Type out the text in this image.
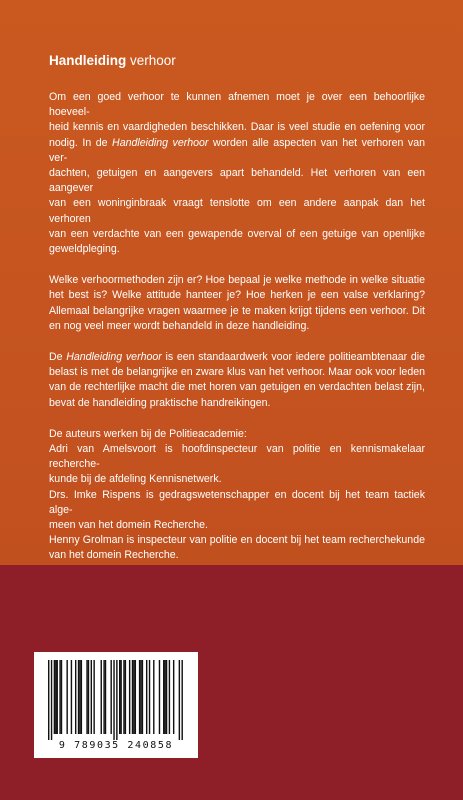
Handleiding verhoor
Om een goed verhoor te kunnen afnemen moet je over een behoorlijke hoeveel-
heid kennis en vaardigheden beschikken. Daar is veel studie en oefening voor
nodig. In de Handleiding verhoor worden alle aspecten van het verhoren van ver-
dachten, getuigen en aangevers apart behandeld. Het verhoren van een aangever
van een woninginbraak vraagt tenslotte om een andere aanpak dan het verhoren
van een verdachte van een gewapende overval of een getuige van openlijke
geweldpleging.
Welke verhoormethoden zijn er? Hoe bepaal je welke methode in welke situatie
het best is? Welke attitude hanteer je? Hoe herken je een valse verklaring?
Allemaal belangrijke vragen waarmee je te maken krijgt tijdens een verhoor. Dit
en nog veel meer wordt behandeld in deze handleiding.
De Handleiding verhoor is een standaardwerk voor iedere politieambtenaar die
belast is met de belangrijke en zware klus van het verhoor. Maar ook voor leden
van de rechterlijke macht die met horen van getuigen en verdachten belast zijn,
bevat de handleiding praktische handreikingen.
De auteurs werken bij de Politieacademie:
Adri van Amelsvoort is hoofdinspecteur van politie en kennismakelaar recherche-
kunde bij de afdeling Kennisnetwerk.
Drs. Imke Rispens is gedragswetenschapper en docent bij het team tactiek alge-
meen van het domein Recherche.
Henny Grolman is inspecteur van politie en docent bij het team recherchekunde
van het domein Recherche.
9 789035 240858
